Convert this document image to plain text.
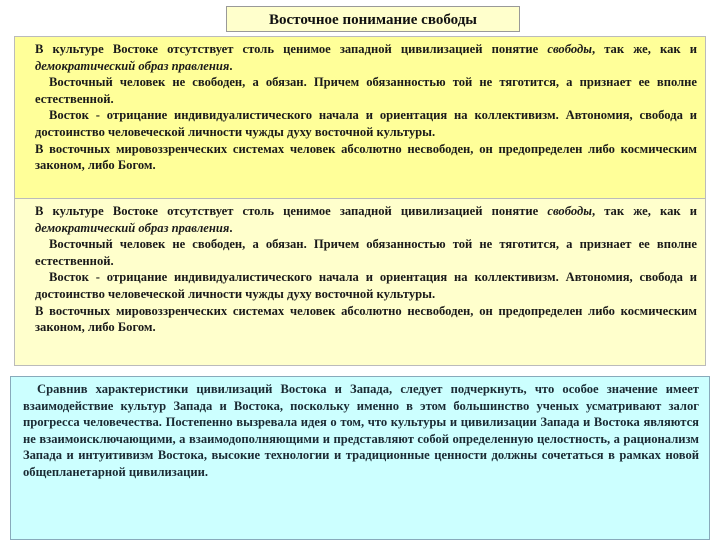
Восточное понимание свободы

В культуре Востоке отсутствует столь ценимое западной цивилизацией понятие свободы, так же, как и демократический образ правления.

Восточный человек не свободен, а обязан. Причем обязанностью той не тяготится, а признает ее вполне естественной.

Восток - отрицание индивидуалистического начала и ориентация на коллективизм. Автономия, свобода и достоинство человеческой личности чужды духу восточной культуры.

В восточных мировоззренческих системах человек абсолютно несвободен, он предопределен либо космическим законом, либо Богом.

В культуре Востоке отсутствует столь ценимое западной цивилизацией понятие свободы, так же, как и демократический образ правления.

Восточный человек не свободен, а обязан. Причем обязанностью той не тяготится, а признает ее вполне естественной.

Восток - отрицание индивидуалистического начала и ориентация на коллективизм. Автономия, свобода и достоинство человеческой личности чужды духу восточной культуры.

В восточных мировоззренческих системах человек абсолютно несвободен, он предопределен либо космическим законом, либо Богом.

Сравнив характеристики цивилизаций Востока и Запада, следует подчеркнуть, что особое значение имеет взаимодействие культур Запада и Востока, поскольку именно в этом большинство ученых усматривают залог прогресса человечества. Постепенно вызревала идея о том, что культуры и цивилизации Запада и Востока являются не взаимоисключающими, а взаимодополняющими и представляют собой определенную целостность, а рационализм Запада и интуитивизм Востока, высокие технологии и традиционные ценности должны сочетаться в рамках новой общепланетарной цивилизации.
